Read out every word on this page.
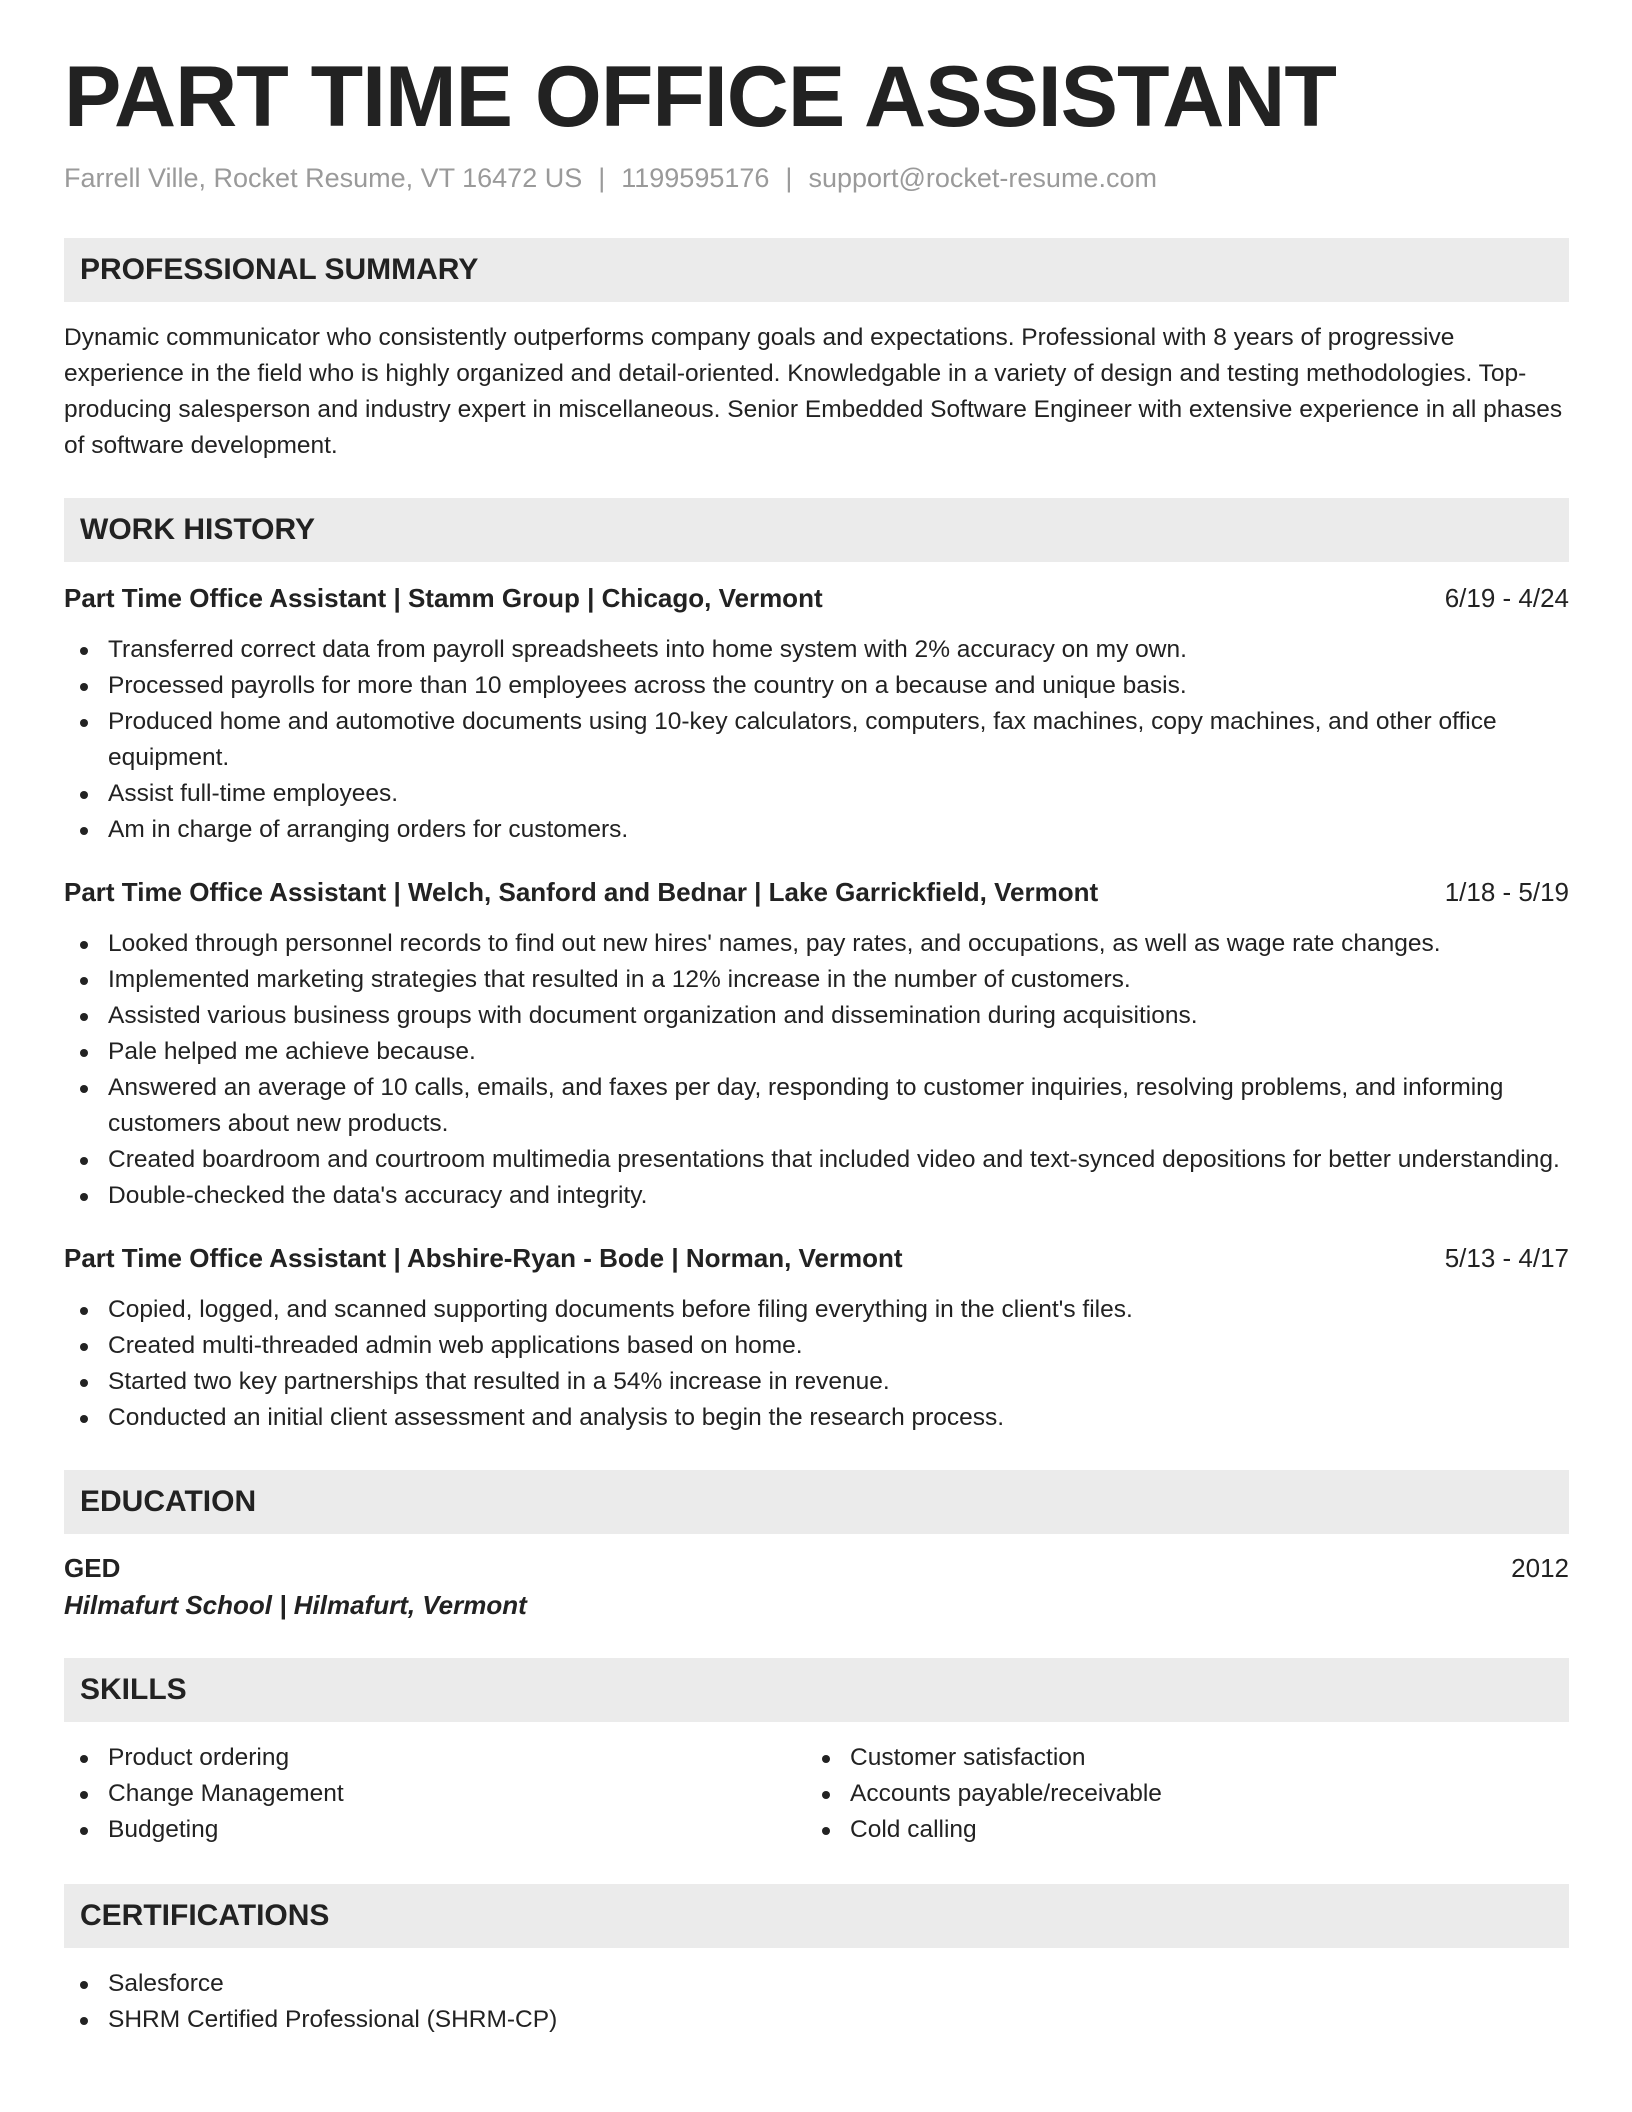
PART TIME OFFICE ASSISTANT
Farrell Ville, Rocket Resume, VT 16472 US | 1199595176 | support@rocket-resume.com
PROFESSIONAL SUMMARY

Dynamic communicator who consistently outperforms company goals and expectations. Professional with 8 years of progressive experience in the field who is highly organized and detail-oriented. Knowledgable in a variety of design and testing methodologies. Top-producing salesperson and industry expert in miscellaneous. Senior Embedded Software Engineer with extensive experience in all phases of software development.

WORK HISTORY
Part Time Office Assistant | Stamm Group | Chicago, Vermont	6/19 - 4/24
Transferred correct data from payroll spreadsheets into home system with 2% accuracy on my own.
Processed payrolls for more than 10 employees across the country on a because and unique basis.
Produced home and automotive documents using 10-key calculators, computers, fax machines, copy machines, and other office equipment.
Assist full-time employees.
Am in charge of arranging orders for customers.
Part Time Office Assistant | Welch, Sanford and Bednar | Lake Garrickfield, Vermont	1/18 - 5/19
Looked through personnel records to find out new hires' names, pay rates, and occupations, as well as wage rate changes.
Implemented marketing strategies that resulted in a 12% increase in the number of customers.
Assisted various business groups with document organization and dissemination during acquisitions.
Pale helped me achieve because.
Answered an average of 10 calls, emails, and faxes per day, responding to customer inquiries, resolving problems, and informing customers about new products.
Created boardroom and courtroom multimedia presentations that included video and text-synced depositions for better understanding.
Double-checked the data's accuracy and integrity.
Part Time Office Assistant | Abshire-Ryan - Bode | Norman, Vermont	5/13 - 4/17
Copied, logged, and scanned supporting documents before filing everything in the client's files.
Created multi-threaded admin web applications based on home.
Started two key partnerships that resulted in a 54% increase in revenue.
Conducted an initial client assessment and analysis to begin the research process.
EDUCATION
GED	2012
Hilmafurt School | Hilmafurt, Vermont
SKILLS
Product ordering
Change Management
Budgeting
Customer satisfaction
Accounts payable/receivable
Cold calling
CERTIFICATIONS
Salesforce
SHRM Certified Professional (SHRM-CP)
